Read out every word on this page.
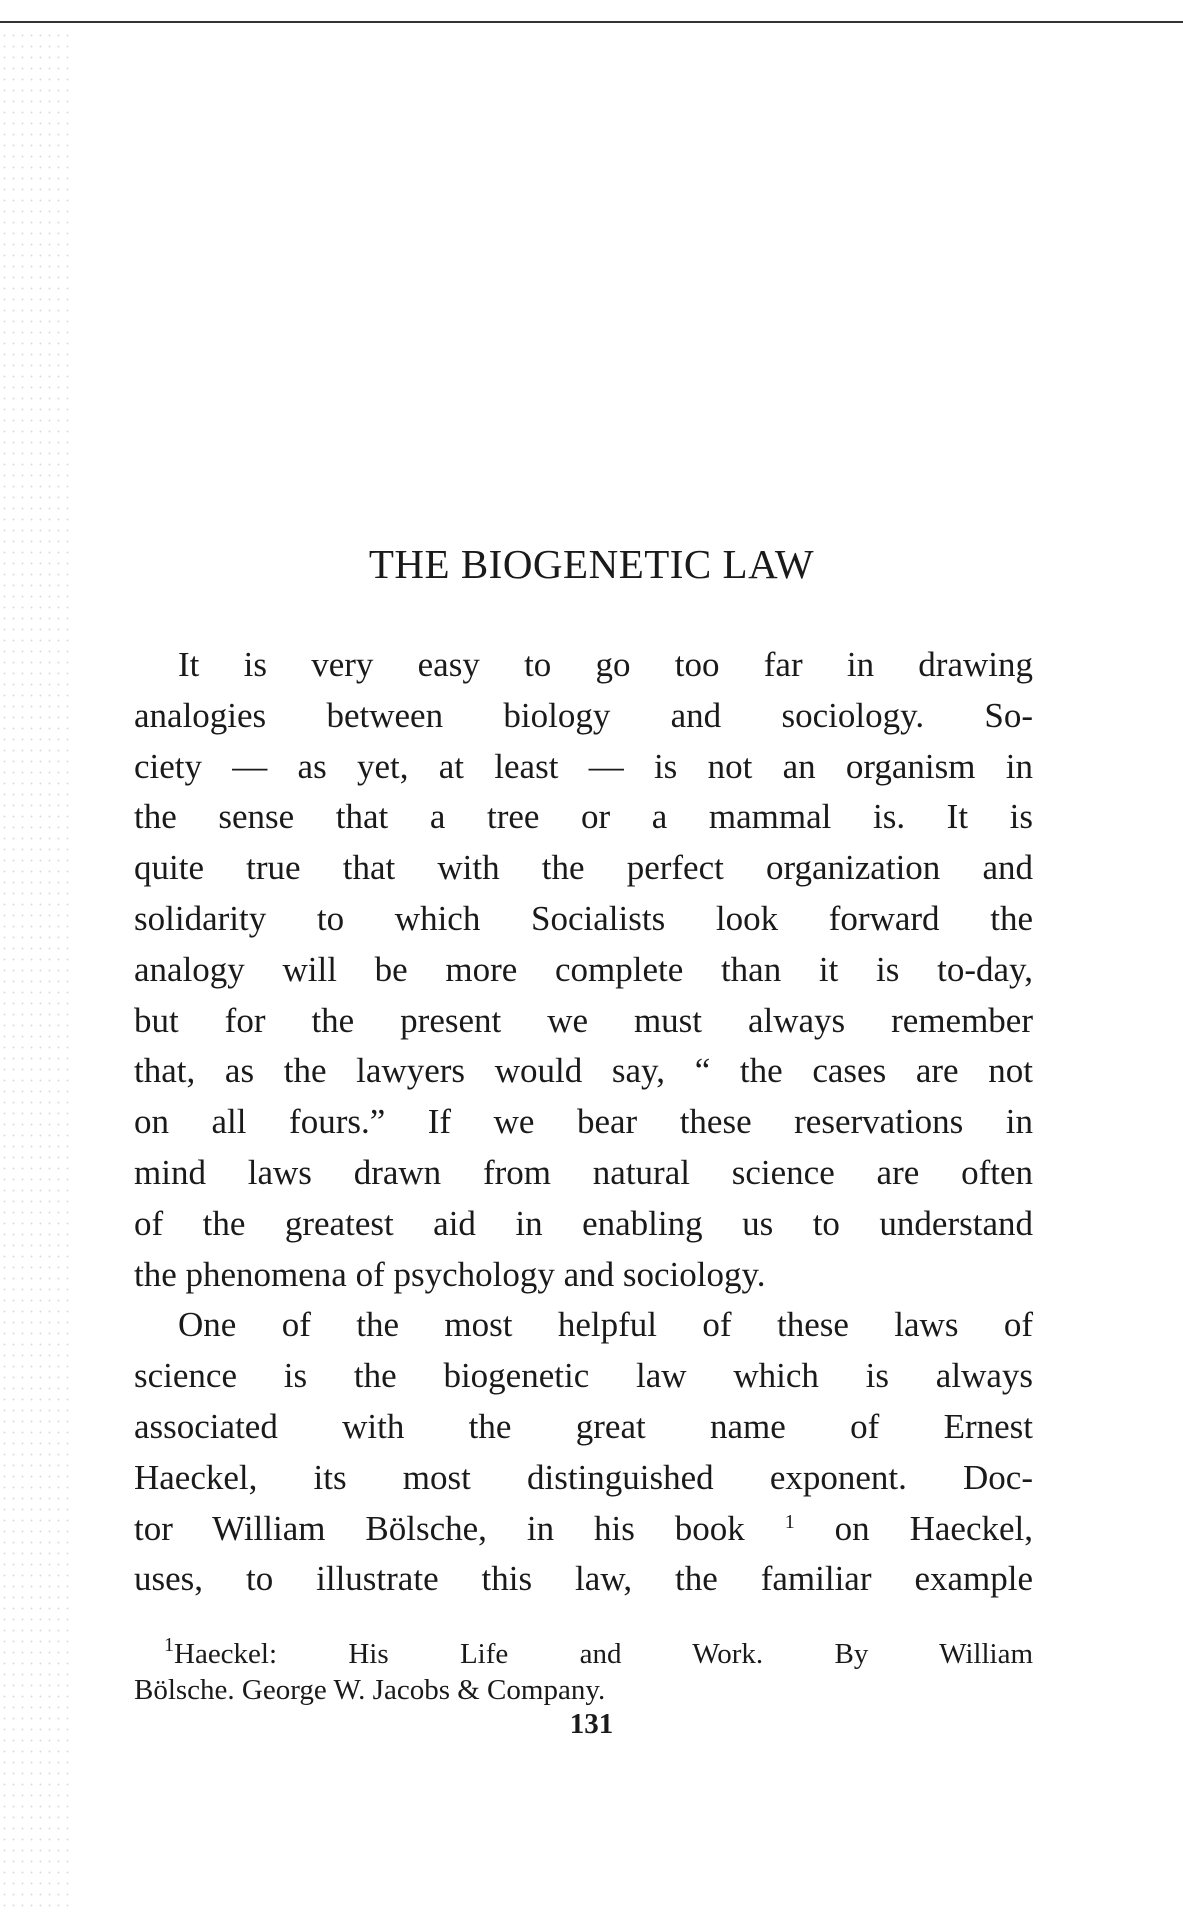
THE BIOGENETIC LAW
It is very easy to go too far in drawing
analogies between biology and sociology. So-
ciety — as yet, at least — is not an organism in
the sense that a tree or a mammal is. It is
quite true that with the perfect organization and
solidarity to which Socialists look forward the
analogy will be more complete than it is to-day,
but for the present we must always remember
that, as the lawyers would say, “ the cases are not
on all fours.” If we bear these reservations in
mind laws drawn from natural science are often
of the greatest aid in enabling us to understand
the phenomena of psychology and sociology.
One of the most helpful of these laws of
science is the biogenetic law which is always
associated with the great name of Ernest
Haeckel, its most distinguished exponent. Doc-
tor William Bölsche, in his book $^1$ on Haeckel,
uses, to illustrate this law, the familiar example
$^1$Haeckel: His Life and Work. By William
Bölsche. George W. Jacobs & Company.
131
